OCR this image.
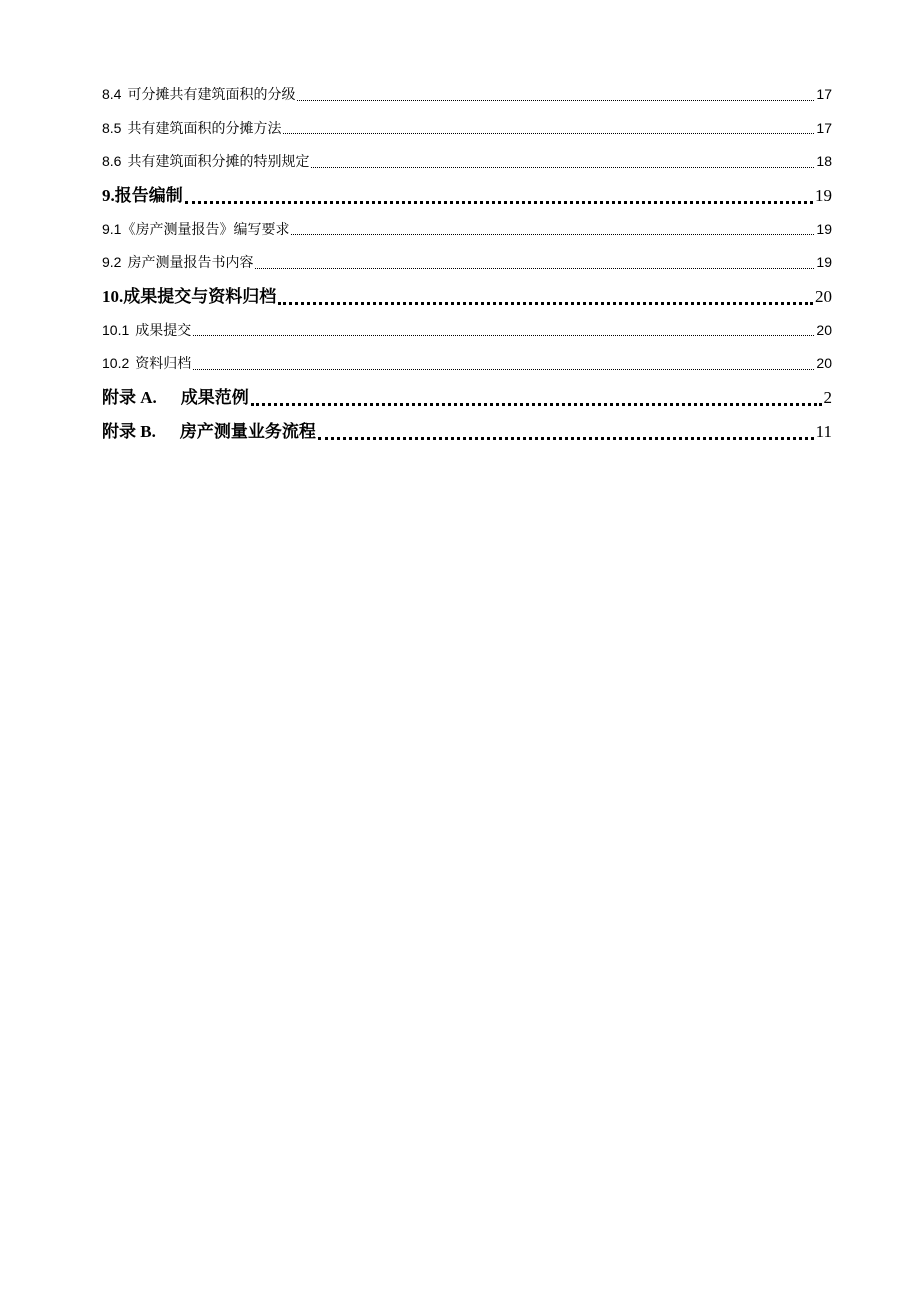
8.4 可分摊共有建筑面积的分级	17
8.5 共有建筑面积的分摊方法	17
8.6 共有建筑面积分摊的特别规定	18
9.报告编制	19
9.1《房产测量报告》编写要求	19
9.2 房产测量报告书内容	19
10.成果提交与资料归档	20
10.1 成果提交	20
10.2 资料归档	20
附录 A. 成果范例	2
附录 B. 房产测量业务流程	11
